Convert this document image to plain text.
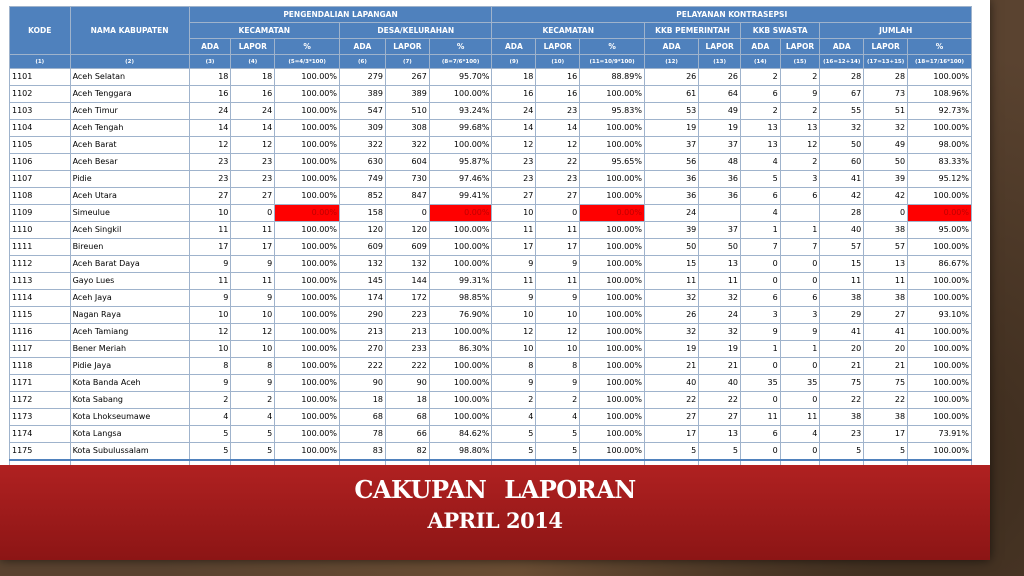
KODE	NAMA KABUPATEN	PENGENDALIAN LAPANGAN						PELAYANAN KONTRASEPSI									
		KECAMATAN			DESA/KELURAHAN			KECAMATAN			KKB PEMERINTAH		KKB SWASTA		JUMLAH		
		ADA	LAPOR	%	ADA	LAPOR	%	ADA	LAPOR	%	ADA	LAPOR	ADA	LAPOR	ADA	LAPOR	%
(1)	(2)	(3)	(4)	(5=4/3*100)	(6)	(7)	(8=7/6*100)	(9)	(10)	(11=10/9*100)	(12)	(13)	(14)	(15)	(16=12+14)	(17=13+15)	(18=17/16*100)
1101	Aceh Selatan	18	18	100.00%	279	267	95.70%	18	16	88.89%	26	26	2	2	28	28	100.00%
1102	Aceh Tenggara	16	16	100.00%	389	389	100.00%	16	16	100.00%	61	64	6	9	67	73	108.96%
1103	Aceh Timur	24	24	100.00%	547	510	93.24%	24	23	95.83%	53	49	2	2	55	51	92.73%
1104	Aceh Tengah	14	14	100.00%	309	308	99.68%	14	14	100.00%	19	19	13	13	32	32	100.00%
1105	Aceh Barat	12	12	100.00%	322	322	100.00%	12	12	100.00%	37	37	13	12	50	49	98.00%
1106	Aceh Besar	23	23	100.00%	630	604	95.87%	23	22	95.65%	56	48	4	2	60	50	83.33%
1107	Pidie	23	23	100.00%	749	730	97.46%	23	23	100.00%	36	36	5	3	41	39	95.12%
1108	Aceh Utara	27	27	100.00%	852	847	99.41%	27	27	100.00%	36	36	6	6	42	42	100.00%
1109	Simeulue	10	0	0.00%	158	0	0.00%	10	0	0.00%	24		4		28	0	0.00%
1110	Aceh Singkil	11	11	100.00%	120	120	100.00%	11	11	100.00%	39	37	1	1	40	38	95.00%
1111	Bireuen	17	17	100.00%	609	609	100.00%	17	17	100.00%	50	50	7	7	57	57	100.00%
1112	Aceh Barat Daya	9	9	100.00%	132	132	100.00%	9	9	100.00%	15	13	0	0	15	13	86.67%
1113	Gayo Lues	11	11	100.00%	145	144	99.31%	11	11	100.00%	11	11	0	0	11	11	100.00%
1114	Aceh Jaya	9	9	100.00%	174	172	98.85%	9	9	100.00%	32	32	6	6	38	38	100.00%
1115	Nagan Raya	10	10	100.00%	290	223	76.90%	10	10	100.00%	26	24	3	3	29	27	93.10%
1116	Aceh Tamiang	12	12	100.00%	213	213	100.00%	12	12	100.00%	32	32	9	9	41	41	100.00%
1117	Bener Meriah	10	10	100.00%	270	233	86.30%	10	10	100.00%	19	19	1	1	20	20	100.00%
1118	Pidie Jaya	8	8	100.00%	222	222	100.00%	8	8	100.00%	21	21	0	0	21	21	100.00%
1171	Kota Banda Aceh	9	9	100.00%	90	90	100.00%	9	9	100.00%	40	40	35	35	75	75	100.00%
1172	Kota Sabang	2	2	100.00%	18	18	100.00%	2	2	100.00%	22	22	0	0	22	22	100.00%
1173	Kota Lhokseumawe	4	4	100.00%	68	68	100.00%	4	4	100.00%	27	27	11	11	38	38	100.00%
1174	Kota Langsa	5	5	100.00%	78	66	84.62%	5	5	100.00%	17	13	6	4	23	17	73.91%
1175	Kota Subulussalam	5	5	100.00%	83	82	98.80%	5	5	100.00%	5	5	0	0	5	5	100.00%

CAKUPAN LAPORAN
APRIL 2014
